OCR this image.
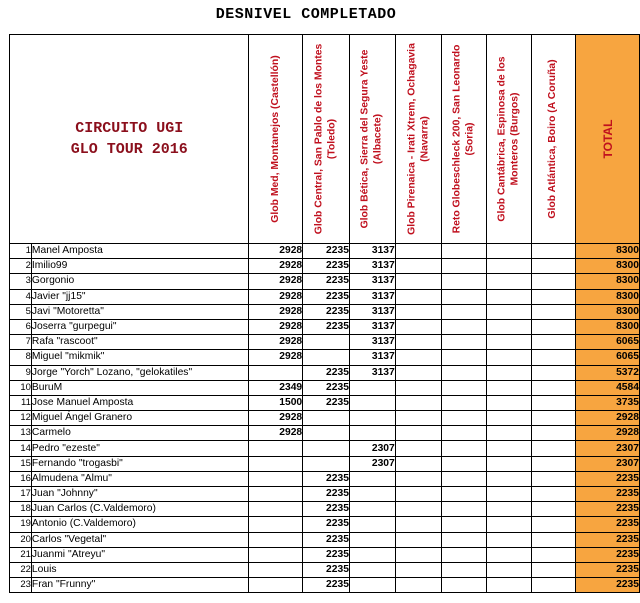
DESNIVEL COMPLETADO
CIRCUITO UGI
GLO TOUR 2016		Glob Med, Montanejos (Castellón)	Glob Central, San Pablo de los Montes (Toledo)	Glob Bética, Sierra del Segura Yeste (Albacete)	Glob Pirenaica - Irati Xtrem, Ochagavia (Navarra)	Reto Globeschleck 200, San Leonardo (Soria)	Glob Cantábrica, Espinosa de los Monteros (Burgos)	Glob Atlántica, Boiro (A Coruña)	TOTAL

1	Manel Amposta	2928	2235	3137					8300
2	Imilio99	2928	2235	3137					8300
3	Gorgonio	2928	2235	3137					8300
4	Javier "jj15"	2928	2235	3137					8300
5	Javi "Motoretta"	2928	2235	3137					8300
6	Joserra "gurpegui"	2928	2235	3137					8300
7	Rafa "rascoot"	2928		3137					6065
8	Miguel "mikmik"	2928		3137					6065
9	Jorge "Yorch" Lozano, "gelokatiles"		2235	3137					5372
10	BuruM	2349	2235						4584
11	Jose Manuel Amposta	1500	2235						3735
12	Miguel Ángel Granero	2928							2928
13	Carmelo	2928							2928
14	Pedro "ezeste"			2307					2307
15	Fernando "trogasbi"			2307					2307
16	Almudena "Almu"		2235						2235
17	Juan "Johnny"		2235						2235
18	Juan Carlos (C.Valdemoro)		2235						2235
19	Antonio (C.Valdemoro)		2235						2235
20	Carlos "Vegetal"		2235						2235
21	Juanmi "Atreyu"		2235						2235
22	Louis		2235						2235
23	Fran "Frunny"		2235						2235
